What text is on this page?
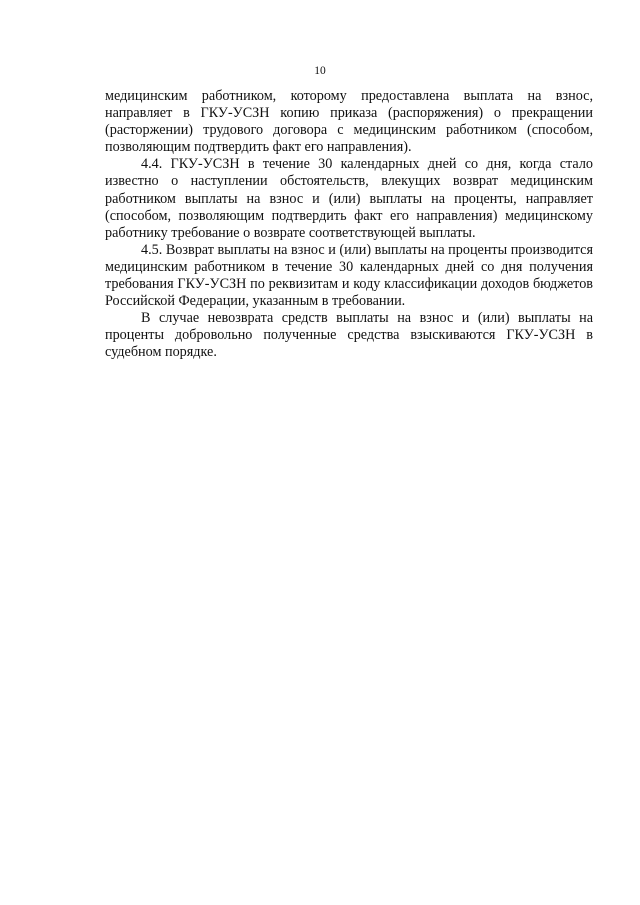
10

медицинским работником, которому предоставлена выплата на взнос, направляет в ГКУ-УСЗН копию приказа (распоряжения) о прекращении (расторжении) трудового договора с медицинским работником (способом, позволяющим подтвердить факт его направления).

4.4. ГКУ-УСЗН в течение 30 календарных дней со дня, когда стало известно о наступлении обстоятельств, влекущих возврат медицинским работником выплаты на взнос и (или) выплаты на проценты, направляет (способом, позволяющим подтвердить факт его направления) медицинскому работнику требование о возврате соответствующей выплаты.

4.5. Возврат выплаты на взнос и (или) выплаты на проценты производится медицинским работником в течение 30 календарных дней со дня получения требования ГКУ-УСЗН по реквизитам и коду классификации доходов бюджетов Российской Федерации, указанным в требовании.

В случае невозврата средств выплаты на взнос и (или) выплаты на проценты добровольно полученные средства взыскиваются ГКУ-УСЗН в судебном порядке.
